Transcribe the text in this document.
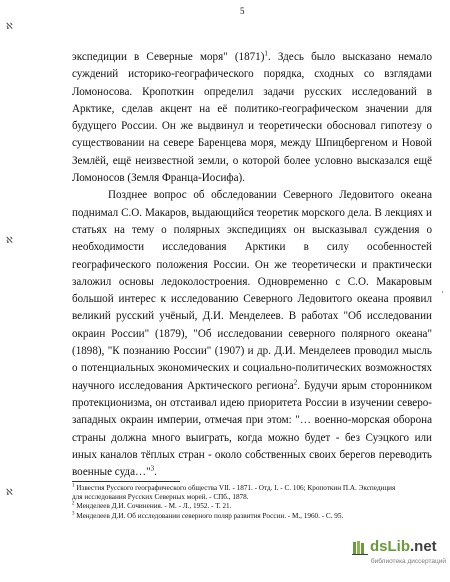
5
ℵ
ℵ
ℵ
·

экспедиции в Северные моря" $(1871)^1$. Здесь было высказано немало суждений историко-географического порядка, сходных со взглядами Ломоносова. Кропоткин определил задачи русских исследований в Арктике, сделав акцент на её политико-географическом значении для будущего России. Он же выдвинул и теоретически обосновал гипотезу о существовании на севере Баренцева моря, между Шпицбергеном и Новой Землёй, ещё неизвестной земли, о которой более условно высказался ещё Ломоносов (Земля Франца-Иосифа).

Позднее вопрос об обследовании Северного Ледовитого океана поднимал С.О. Макаров, выдающийся теоретик морского дела. В лекциях и статьях на тему о полярных экспедициях он высказывал суждения о необходимости исследования Арктики в силу особенностей географического положения России. Он же теоретически и практически заложил основы ледоколостроения. Одновременно с С.О. Макаровым большой интерес к исследованию Северного Ледовитого океана проявил великий русский учёный, Д.И. Менделеев. В работах "Об исследовании окраин России" (1879), "Об исследовании северного полярного океана" (1898), "К познанию России" (1907) и др. Д.И. Менделеев проводил мысль о потенциальных экономических и социально-политических возможностях научного исследования Арктического региона$^2$. Будучи ярым сторонником протекционизма, он отстаивал идею приоритета России в изучении северо-западных окраин империи, отмечая при этом: "… военно-морская оборона страны должна много выиграть, когда можно будет - без Суэцкого или иных каналов тёплых стран - около собственных своих берегов переводить военные суда…"$^3$.

$^1$ Известия Русского географического общества VII. - 1871. - Отд. I. - С. 106; Кропоткин П.А. Экспедиция для исследования Русских Северных морей. - СПб., 1878.

$^2$ Менделеев Д.И. Сочинения. - М. - Л., 1952. - Т. 21.

$^3$ Менделеев Д.И. Об исследовании северного поляр развития России. - М., 1960. - С. 95.

dsLib.net
библиотека диссертаций
